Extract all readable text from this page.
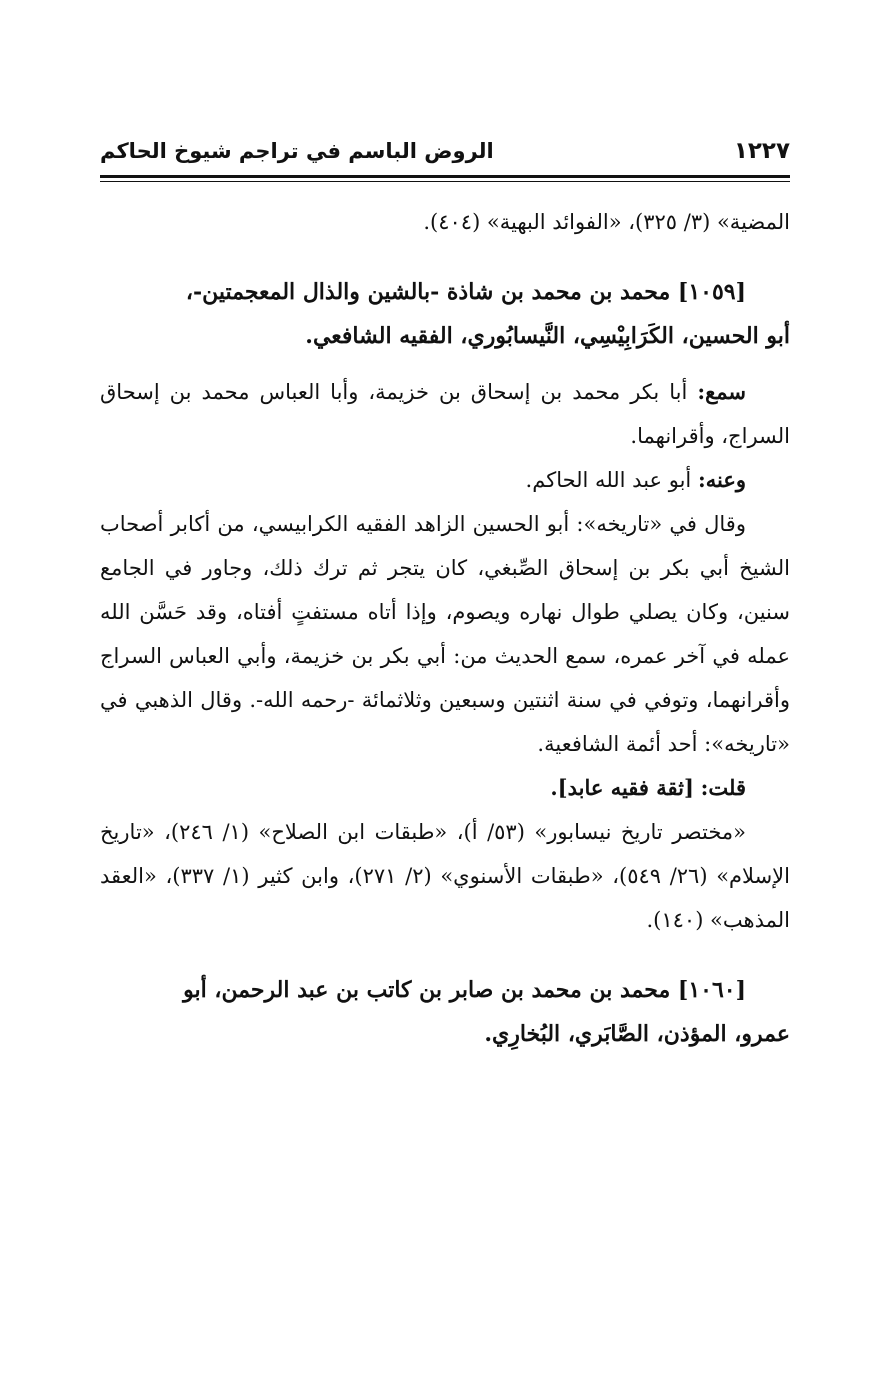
الروض الباسم في تراجم شيوخ الحاكم	١٢٢٧

المضية» (٣/ ٣٢٥)، «الفوائد البهية» (٤٠٤).

[١٠٥٩] محمد بن محمد بن شاذة -بالشين والذال المعجمتين-،

أبو الحسين، الكَرَابِيْسِي، النَّيسابُوري، الفقيه الشافعي.

سمع: أبا بكر محمد بن إسحاق بن خزيمة، وأبا العباس محمد بن إسحاق السراج، وأقرانهما.

وعنه: أبو عبد الله الحاكم.

وقال في «تاريخه»: أبو الحسين الزاهد الفقيه الكرابيسي، من أكابر أصحاب الشيخ أبي بكر بن إسحاق الصِّبغي، كان يتجر ثم ترك ذلك، وجاور في الجامع سنين، وكان يصلي طوال نهاره ويصوم، وإذا أتاه مستفتٍ أفتاه، وقد حَسَّن الله عمله في آخر عمره، سمع الحديث من: أبي بكر بن خزيمة، وأبي العباس السراج وأقرانهما، وتوفي في سنة اثنتين وسبعين وثلاثمائة -رحمه الله-. وقال الذهبي في «تاريخه»: أحد أئمة الشافعية.

قلت: [ثقة فقيه عابد].

«مختصر تاريخ نيسابور» (٥٣/ أ)، «طبقات ابن الصلاح» (١/ ٢٤٦)، «تاريخ الإسلام» (٢٦/ ٥٤٩)، «طبقات الأسنوي» (٢/ ٢٧١)، وابن كثير (١/ ٣٣٧)، «العقد المذهب» (١٤٠).

[١٠٦٠] محمد بن محمد بن صابر بن كاتب بن عبد الرحمن، أبو

عمرو، المؤذن، الصَّابَري، البُخارِي.
